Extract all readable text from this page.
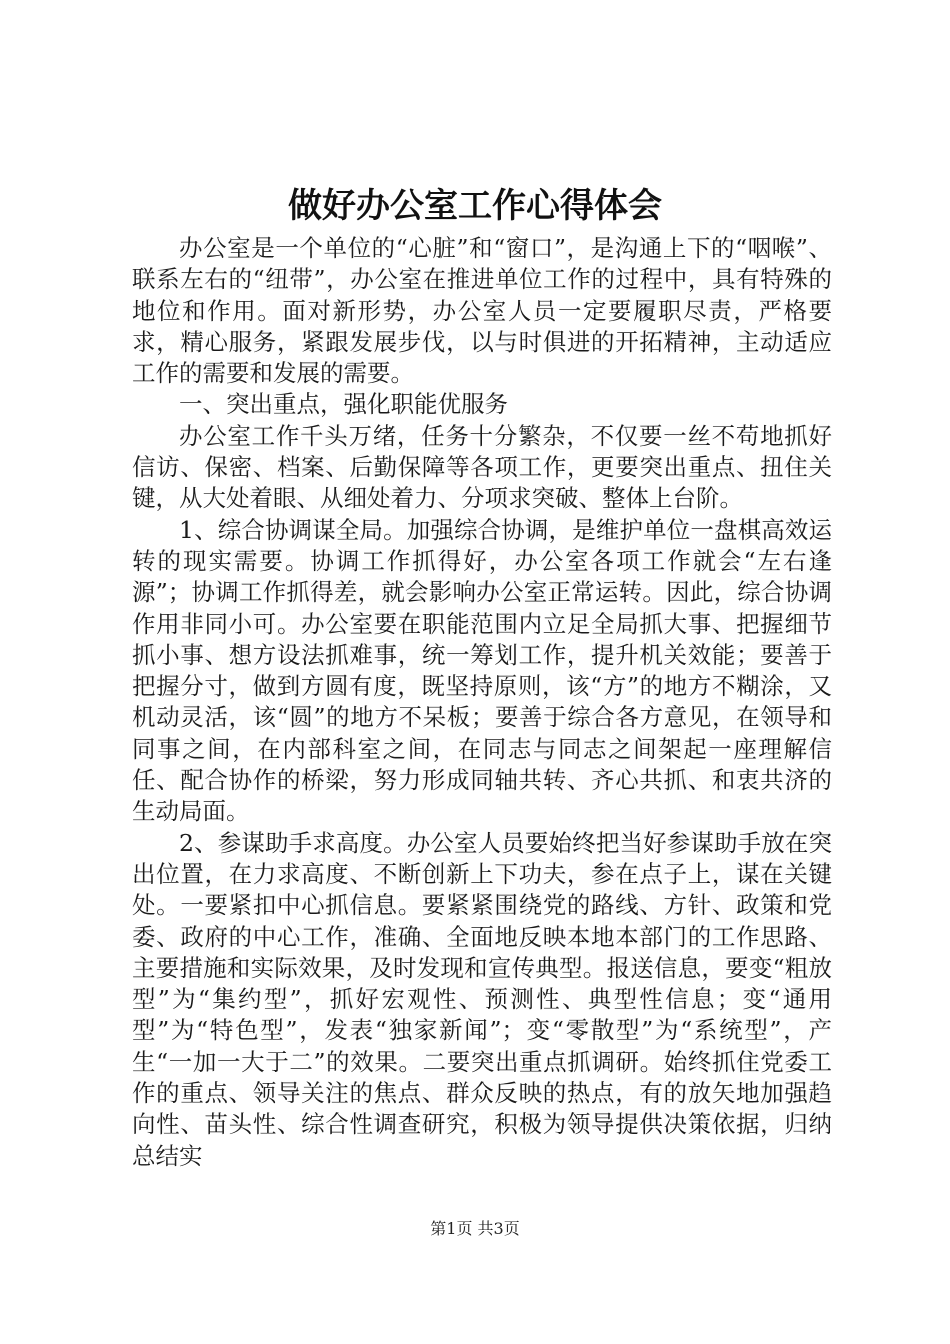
做好办公室工作心得体会

办公室是一个单位的“心脏”和“窗口”，是沟通上下的“咽喉”、联系左右的“纽带”，办公室在推进单位工作的过程中，具有特殊的地位和作用。面对新形势，办公室人员一定要履职尽责，严格要求，精心服务，紧跟发展步伐，以与时俱进的开拓精神，主动适应工作的需要和发展的需要。

一、突出重点，强化职能优服务

办公室工作千头万绪，任务十分繁杂，不仅要一丝不苟地抓好信访、保密、档案、后勤保障等各项工作，更要突出重点、扭住关键，从大处着眼、从细处着力、分项求突破、整体上台阶。

1、综合协调谋全局。加强综合协调，是维护单位一盘棋高效运转的现实需要。协调工作抓得好，办公室各项工作就会“左右逢源”；协调工作抓得差，就会影响办公室正常运转。因此，综合协调作用非同小可。办公室要在职能范围内立足全局抓大事、把握细节抓小事、想方设法抓难事，统一筹划工作，提升机关效能；要善于把握分寸，做到方圆有度，既坚持原则，该“方”的地方不糊涂，又机动灵活，该“圆”的地方不呆板；要善于综合各方意见，在领导和同事之间，在内部科室之间，在同志与同志之间架起一座理解信任、配合协作的桥梁，努力形成同轴共转、齐心共抓、和衷共济的生动局面。

2、参谋助手求高度。办公室人员要始终把当好参谋助手放在突出位置，在力求高度、不断创新上下功夫，参在点子上，谋在关键处。一要紧扣中心抓信息。要紧紧围绕党的路线、方针、政策和党委、政府的中心工作，准确、全面地反映本地本部门的工作思路、主要措施和实际效果，及时发现和宣传典型。报送信息，要变“粗放型”为“集约型”，抓好宏观性、预测性、典型性信息；变“通用型”为“特色型”，发表“独家新闻”；变“零散型”为“系统型”，产生“一加一大于二”的效果。二要突出重点抓调研。始终抓住党委工作的重点、领导关注的焦点、群众反映的热点，有的放矢地加强趋向性、苗头性、综合性调查研究，积极为领导提供决策依据，归纳总结实

第1页 共3页
